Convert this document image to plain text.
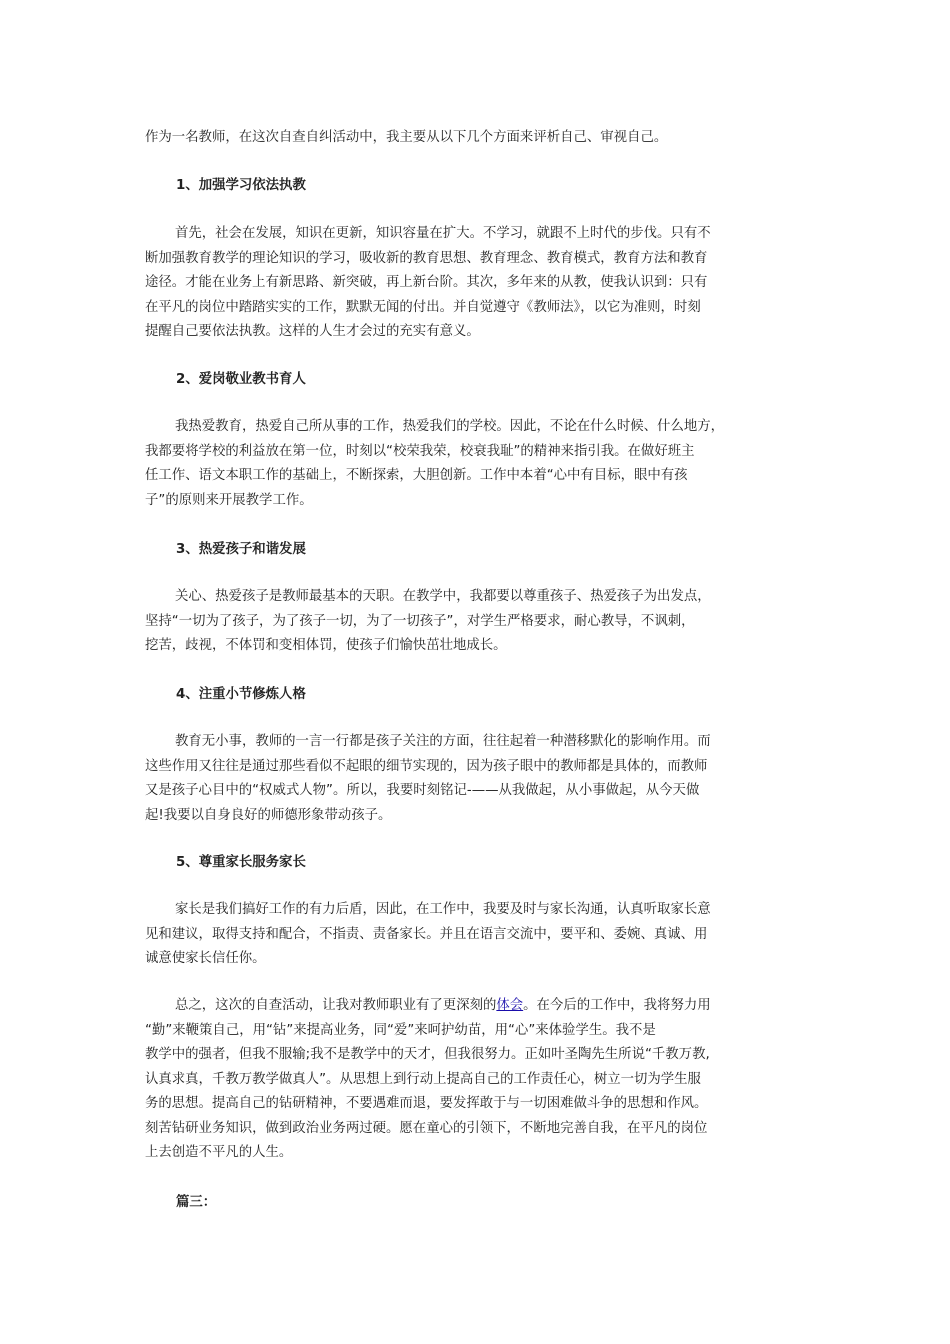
作为一名教师，在这次自查自纠活动中，我主要从以下几个方面来评析自己、审视自己。
1、加强学习依法执教
首先，社会在发展，知识在更新，知识容量在扩大。不学习，就跟不上时代的步伐。只有不
断加强教育教学的理论知识的学习，吸收新的教育思想、教育理念、教育模式，教育方法和教育
途径。才能在业务上有新思路、新突破，再上新台阶。其次，多年来的从教，使我认识到：只有
在平凡的岗位中踏踏实实的工作，默默无闻的付出。并自觉遵守《教师法》，以它为准则，时刻
提醒自己要依法执教。这样的人生才会过的充实有意义。
2、爱岗敬业教书育人
我热爱教育，热爱自己所从事的工作，热爱我们的学校。因此，不论在什么时候、什么地方，
我都要将学校的利益放在第一位，时刻以“校荣我荣，校衰我耻”的精神来指引我。在做好班主
任工作、语文本职工作的基础上，不断探索，大胆创新。工作中本着“心中有目标，眼中有孩
子”的原则来开展教学工作。
3、热爱孩子和谐发展
关心、热爱孩子是教师最基本的天职。在教学中，我都要以尊重孩子、热爱孩子为出发点，
坚持“一切为了孩子，为了孩子一切，为了一切孩子”，对学生严格要求，耐心教导，不讽刺，
挖苦，歧视，不体罚和变相体罚，使孩子们愉快茁壮地成长。
4、注重小节修炼人格
教育无小事，教师的一言一行都是孩子关注的方面，往往起着一种潜移默化的影响作用。而
这些作用又往往是通过那些看似不起眼的细节实现的，因为孩子眼中的教师都是具体的，而教师
又是孩子心目中的“权威式人物”。所以，我要时刻铭记-——从我做起，从小事做起，从今天做
起!我要以自身良好的师德形象带动孩子。
5、尊重家长服务家长
家长是我们搞好工作的有力后盾，因此，在工作中，我要及时与家长沟通，认真听取家长意
见和建议，取得支持和配合，不指责、责备家长。并且在语言交流中，要平和、委婉、真诚、用
诚意使家长信任你。
总之，这次的自查活动，让我对教师职业有了更深刻的体会。在今后的工作中，我将努力用
“勤”来鞭策自己，用“钻”来提高业务，同“爱”来呵护幼苗，用“心”来体验学生。我不是
教学中的强者，但我不服输;我不是教学中的天才，但我很努力。正如叶圣陶先生所说“千教万教,
认真求真，千教万教学做真人”。从思想上到行动上提高自己的工作责任心，树立一切为学生服
务的思想。提高自己的钻研精神，不要遇难而退，要发挥敢于与一切困难做斗争的思想和作风。
刻苦钻研业务知识，做到政治业务两过硬。愿在童心的引领下，不断地完善自我，在平凡的岗位
上去创造不平凡的人生。
篇三：
